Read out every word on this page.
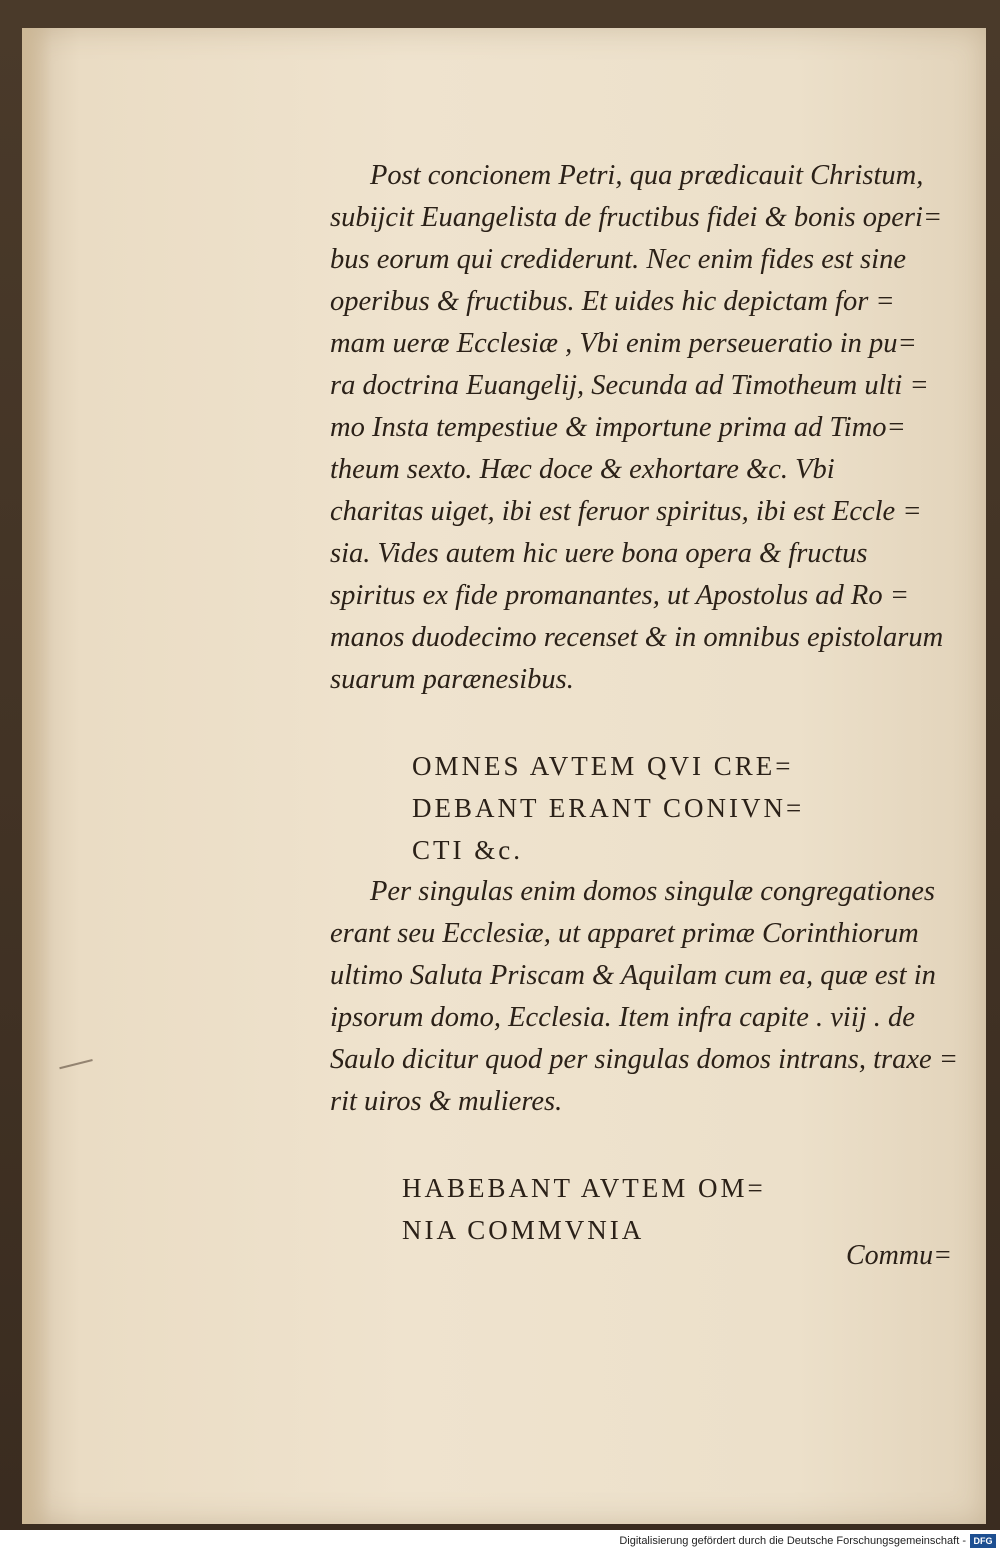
Post concionem Petri, qua prædicauit Christum,
subijcit Euangelista de fructibus fidei & bonis operi=
bus eorum qui crediderunt. Nec enim fides est sine
operibus & fructibus. Et uides hic depictam for =
mam ueræ Ecclesiæ , Vbi enim perseueratio in pu=
ra doctrina Euangelij, Secunda ad Timotheum ulti =
mo Insta tempestiue & importune prima ad Timo=
theum sexto. Hæc doce & exhortare &c. Vbi
charitas uiget, ibi est feruor spiritus, ibi est Eccle =
sia. Vides autem hic uere bona opera & fructus
spiritus ex fide promanantes, ut Apostolus ad Ro =
manos duodecimo recenset & in omnibus epistolarum
suarum parænesibus.
OMNES AVTEM QVI CRE=
DEBANT ERANT CONIVN=
CTI &c.
Per singulas enim domos singulæ congregationes
erant seu Ecclesiæ, ut apparet primæ Corinthiorum
ultimo Saluta Priscam & Aquilam cum ea, quæ est in
ipsorum domo, Ecclesia. Item infra capite . viij . de
Saulo dicitur quod per singulas domos intrans, traxe =
rit uiros & mulieres.
HABEBANT AVTEM OM=
NIA COMMVNIA
Commu=
Digitalisierung gefördert durch die Deutsche Forschungsgemeinschaft - DFG
